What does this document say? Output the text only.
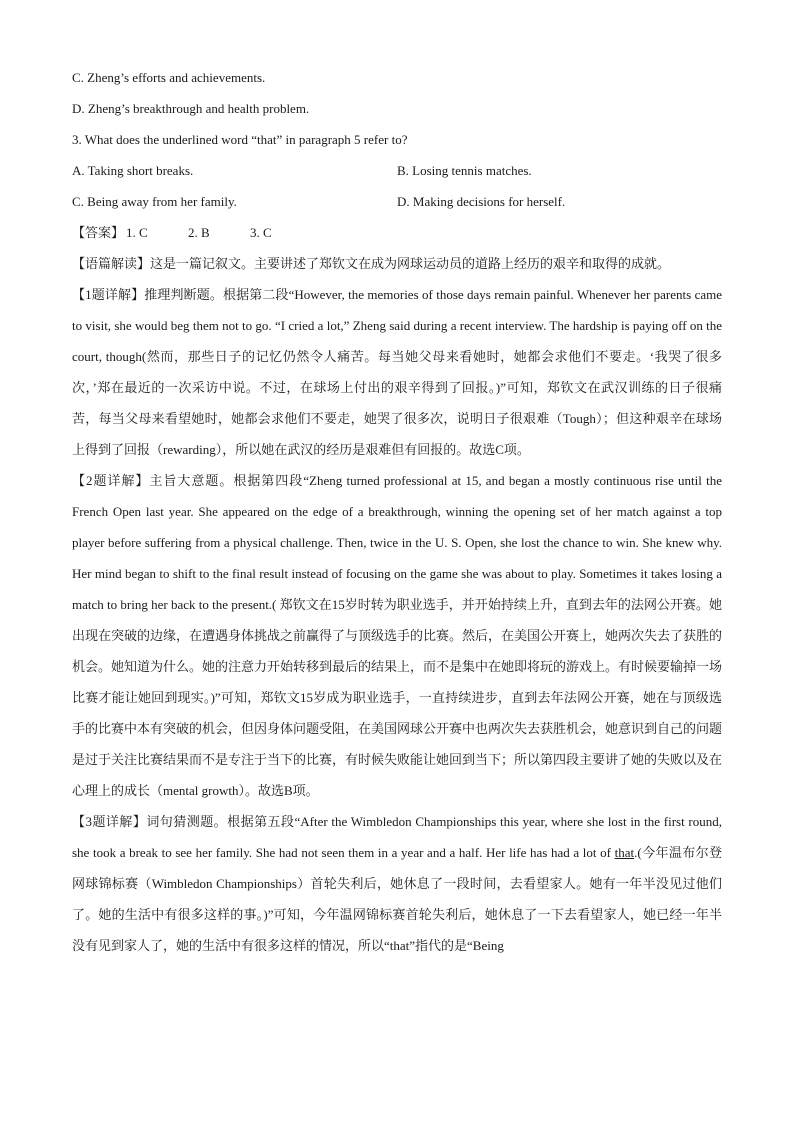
C. Zheng’s efforts and achievements.
D. Zheng’s breakthrough and health problem.
3. What does the underlined word “that” in paragraph 5 refer to?
A. Taking short breaks.	B. Losing tennis matches.
C. Being away from her family.	D. Making decisions for herself.
【答案】 1. C	2. B	3. C
【语篇解读】这是一篇记叙文。主要讲述了郑钦文在成为网球运动员的道路上经历的艰辛和取得的成就。
【1题详解】推理判断题。根据第二段“However, the memories of those days remain painful. Whenever her parents came to visit, she would beg them not to go. “I cried a lot,” Zheng said during a recent interview. The hardship is paying off on the court, though(然而，那些日子的记忆仍然令人痛苦。每当她父母来看她时，她都会求他们不要走。‘我哭了很多次，’郑在最近的一次采访中说。不过，在球场上付出的艰辛得到了回报。)”可知，郑钦文在武汉训练的日子很痛苦，每当父母来看望她时，她都会求他们不要走，她哭了很多次，说明日子很艰难（Tough）；但这种艰辛在球场上得到了回报（rewarding），所以她在武汉的经历是艰难但有回报的。故选C项。
【2题详解】主旨大意题。根据第四段“Zheng turned professional at 15, and began a mostly continuous rise until the French Open last year. She appeared on the edge of a breakthrough, winning the opening set of her match against a top player before suffering from a physical challenge. Then, twice in the U. S. Open, she lost the chance to win. She knew why. Her mind began to shift to the final result instead of focusing on the game she was about to play. Sometimes it takes losing a match to bring her back to the present.( 郑钦文在15岁时转为职业选手，并开始持续上升，直到去年的法网公开赛。她出现在突破的边缘，在遭遇身体挑战之前赢得了与顶级选手的比赛。然后，在美国公开赛上，她两次失去了获胜的机会。她知道为什么。她的注意力开始转移到最后的结果上，而不是集中在她即将玩的游戏上。有时候要输掉一场比赛才能让她回到现实。)”可知，郑钦文15岁成为职业选手，一直持续进步，直到去年法网公开赛，她在与顶级选手的比赛中本有突破的机会，但因身体问题受阻，在美国网球公开赛中也两次失去获胜机会，她意识到自己的问题是过于关注比赛结果而不是专注于当下的比赛，有时候失败能让她回到当下；所以第四段主要讲了她的失败以及在心理上的成长（mental growth）。故选B项。
【3题详解】词句猜测题。根据第五段“After the Wimbledon Championships this year, where she lost in the first round, she took a break to see her family. She had not seen them in a year and a half. Her life has had a lot of that.(今年温布尔登网球锦标赛（Wimbledon Championships）首轮失利后，她休息了一段时间，去看望家人。她有一年半没见过他们了。她的生活中有很多这样的事。)”可知，今年温网锦标赛首轮失利后，她休息了一下去看望家人，她已经一年半没有见到家人了，她的生活中有很多这样的情况，所以“that”指代的是“Being
